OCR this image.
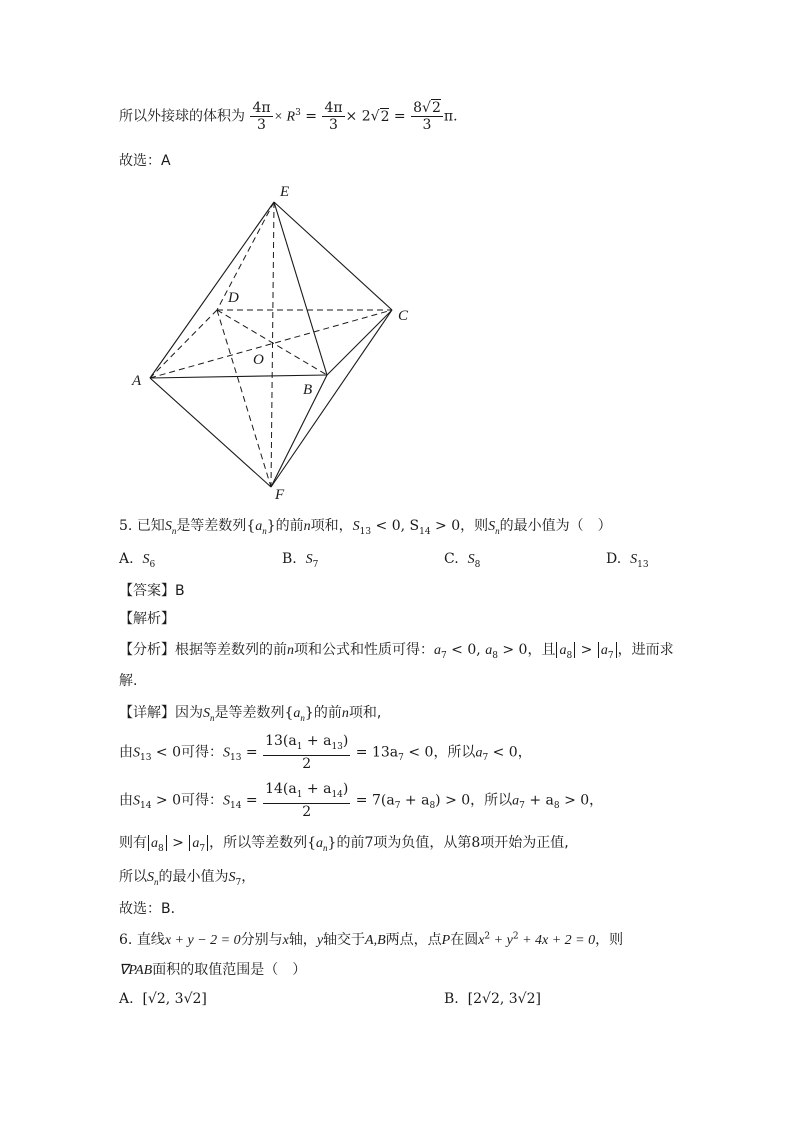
所以外接球的体积为 $\frac{4\pi}{3} \times R^3 = \frac{4\pi}{3} \times 2√2 = \frac{8√2}{3} \pi$.
故选：A
E
D
C
O
A
B
F
5. 已知$S_n$是等差数列$\{a_n\}$的前n项和，$S_{13} < 0$, $S_{14} > 0$，则$S_n$的最小值为（　）
A. $S_6$	B. $S_7$	C. $S_8$	D. $S_{13}$
【答案】B
【解析】
【分析】根据等差数列的前n项和公式和性质可得：$a_7 < 0$, $a_8 > 0$，且 $a_8 > a_7$ ，进而求
解.
【详解】因为$S_n$是等差数列$\{a_n\}$的前n项和,
由$S_{13} < 0$可得：$S_{13} = \frac{13(a_1 + a_{13})}{2} = 13a_7 < 0$，所以$a_7 < 0$，
由$S_{14} > 0$可得：$S_{14} = \frac{14(a_1 + a_{14})}{2} = 7(a_7 + a_8) > 0$，所以$a_7 + a_8 > 0$，
则有 $a_8 > a_7$ ，所以等差数列$\{a_n\}$的前7项为负值，从第8项开始为正值,
所以$S_n$的最小值为$S_7$，
故选：B．
6. 直线x + y − 2 = 0分别与x轴，y轴交于A,B两点，点P在圆$x^2 + y^2 + 4x + 2 = 0$，则
∇PAB面积的取值范围是（　）
A. [√2, 3√2]	B. [2√2, 3√2]
